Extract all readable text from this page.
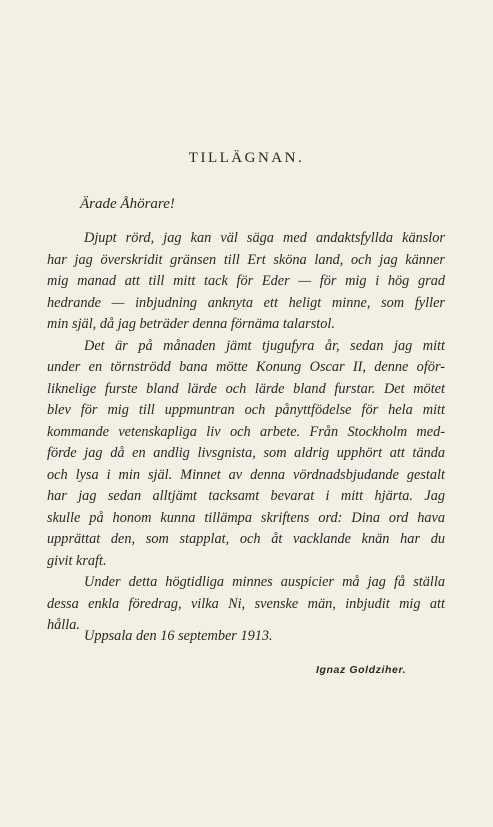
TILLÄGNAN.
Ärade Åhörare!
Djupt rörd, jag kan väl säga med andaktsfyllda känslor
har jag överskridit gränsen till Ert sköna land, och jag känner
mig manad att till mitt tack för Eder — för mig i hög grad
hedrande — inbjudning anknyta ett heligt minne, som fyller
min själ, då jag beträder denna förnäma talarstol.
Det är på månaden jämt tjugufyra år, sedan jag mitt
under en törnströdd bana mötte Konung Oscar II, denne oför-
liknelige furste bland lärde och lärde bland furstar. Det mötet
blev för mig till uppmuntran och pånyttfödelse för hela mitt
kommande vetenskapliga liv och arbete. Från Stockholm med-
förde jag då en andlig livsgnista, som aldrig upphört att tända
och lysa i min själ. Minnet av denna vördnadsbjudande gestalt
har jag sedan alltjämt tacksamt bevarat i mitt hjärta. Jag
skulle på honom kunna tillämpa skriftens ord: Dina ord hava
upprättat den, som stapplat, och åt vacklande knän har du
givit kraft.
Under detta högtidliga minnes auspicier må jag få ställa
dessa enkla föredrag, vilka Ni, svenske män, inbjudit mig att
hålla.
Uppsala den 16 september 1913.
Ignaz Goldziher.
